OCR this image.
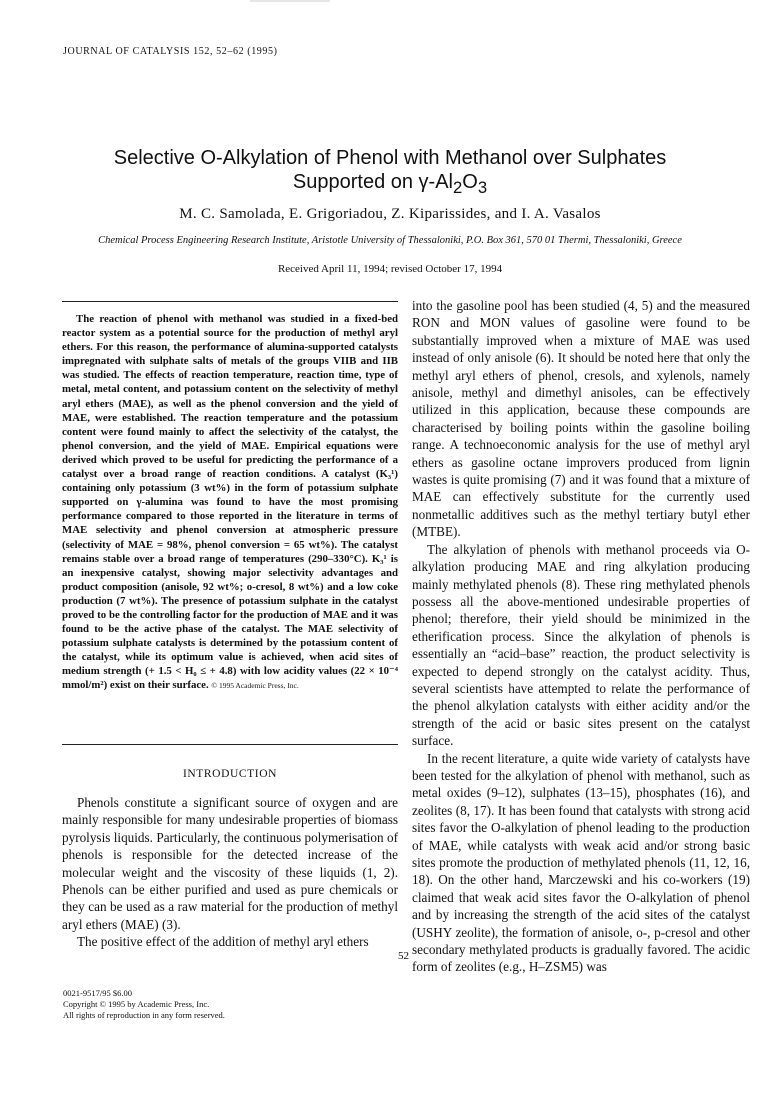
JOURNAL OF CATALYSIS 152, 52–62 (1995)
Selective O-Alkylation of Phenol with Methanol over Sulphates
Supported on $\gamma-Al_2O_3$
M. C. Samolada, E. Grigoriadou, Z. Kiparissides, and I. A. Vasalos
Chemical Process Engineering Research Institute, Aristotle University of Thessaloniki, P.O. Box 361, 570 01 Thermi, Thessaloniki, Greece
Received April 11, 1994; revised October 17, 1994
The reaction of phenol with methanol was studied in a fixed-bed reactor system as a potential source for the production of methyl aryl ethers. For this reason, the performance of alumina-supported catalysts impregnated with sulphate salts of metals of the groups VIIB and IIB was studied. The effects of reaction temperature, reaction time, type of metal, metal content, and potassium content on the selectivity of methyl aryl ethers (MAE), as well as the phenol conversion and the yield of MAE, were established. The reaction temperature and the potassium content were found mainly to affect the selectivity of the catalyst, the phenol conversion, and the yield of MAE. Empirical equations were derived which proved to be useful for predicting the performance of a catalyst over a broad range of reaction conditions. A catalyst (K₃¹) containing only potassium (3 wt%) in the form of potassium sulphate supported on γ-alumina was found to have the most promising performance compared to those reported in the literature in terms of MAE selectivity and phenol conversion at atmospheric pressure (selectivity of MAE = 98%, phenol conversion = 65 wt%). The catalyst remains stable over a broad range of temperatures (290–330°C). K₃¹ is an inexpensive catalyst, showing major selectivity advantages and product composition (anisole, 92 wt%; o-cresol, 8 wt%) and a low coke production (7 wt%). The presence of potassium sulphate in the catalyst proved to be the controlling factor for the production of MAE and it was found to be the active phase of the catalyst. The MAE selectivity of potassium sulphate catalysts is determined by the potassium content of the catalyst, while its optimum value is achieved, when acid sites of medium strength (+ 1.5 < H₀ ≤ + 4.8) with low acidity values (22 × 10⁻⁴ mmol/m²) exist on their surface. © 1995 Academic Press, Inc.
INTRODUCTION

Phenols constitute a significant source of oxygen and are mainly responsible for many undesirable properties of biomass pyrolysis liquids. Particularly, the continuous polymerisation of phenols is responsible for the detected increase of the molecular weight and the viscosity of these liquids (1, 2). Phenols can be either purified and used as pure chemicals or they can be used as a raw material for the production of methyl aryl ethers (MAE) (3).

The positive effect of the addition of methyl aryl ethers

into the gasoline pool has been studied (4, 5) and the measured RON and MON values of gasoline were found to be substantially improved when a mixture of MAE was used instead of only anisole (6). It should be noted here that only the methyl aryl ethers of phenol, cresols, and xylenols, namely anisole, methyl and dimethyl anisoles, can be effectively utilized in this application, because these compounds are characterised by boiling points within the gasoline boiling range. A technoeconomic analysis for the use of methyl aryl ethers as gasoline octane improvers produced from lignin wastes is quite promising (7) and it was found that a mixture of MAE can effectively substitute for the currently used nonmetallic additives such as the methyl tertiary butyl ether (MTBE).

The alkylation of phenols with methanol proceeds via O-alkylation producing MAE and ring alkylation producing mainly methylated phenols (8). These ring methylated phenols possess all the above-mentioned undesirable properties of phenol; therefore, their yield should be minimized in the etherification process. Since the alkylation of phenols is essentially an “acid–base” reaction, the product selectivity is expected to depend strongly on the catalyst acidity. Thus, several scientists have attempted to relate the performance of the phenol alkylation catalysts with either acidity and/or the strength of the acid or basic sites present on the catalyst surface.

In the recent literature, a quite wide variety of catalysts have been tested for the alkylation of phenol with methanol, such as metal oxides (9–12), sulphates (13–15), phosphates (16), and zeolites (8, 17). It has been found that catalysts with strong acid sites favor the O-alkylation of phenol leading to the production of MAE, while catalysts with weak acid and/or strong basic sites promote the production of methylated phenols (11, 12, 16, 18). On the other hand, Marczewski and his co-workers (19) claimed that weak acid sites favor the O-alkylation of phenol and by increasing the strength of the acid sites of the catalyst (USHY zeolite), the formation of anisole, o-, p-cresol and other secondary methylated products is gradually favored. The acidic form of zeolites (e.g., H–ZSM5) was

52
0021-9517/95 $6.00
Copyright © 1995 by Academic Press, Inc.
All rights of reproduction in any form reserved.
